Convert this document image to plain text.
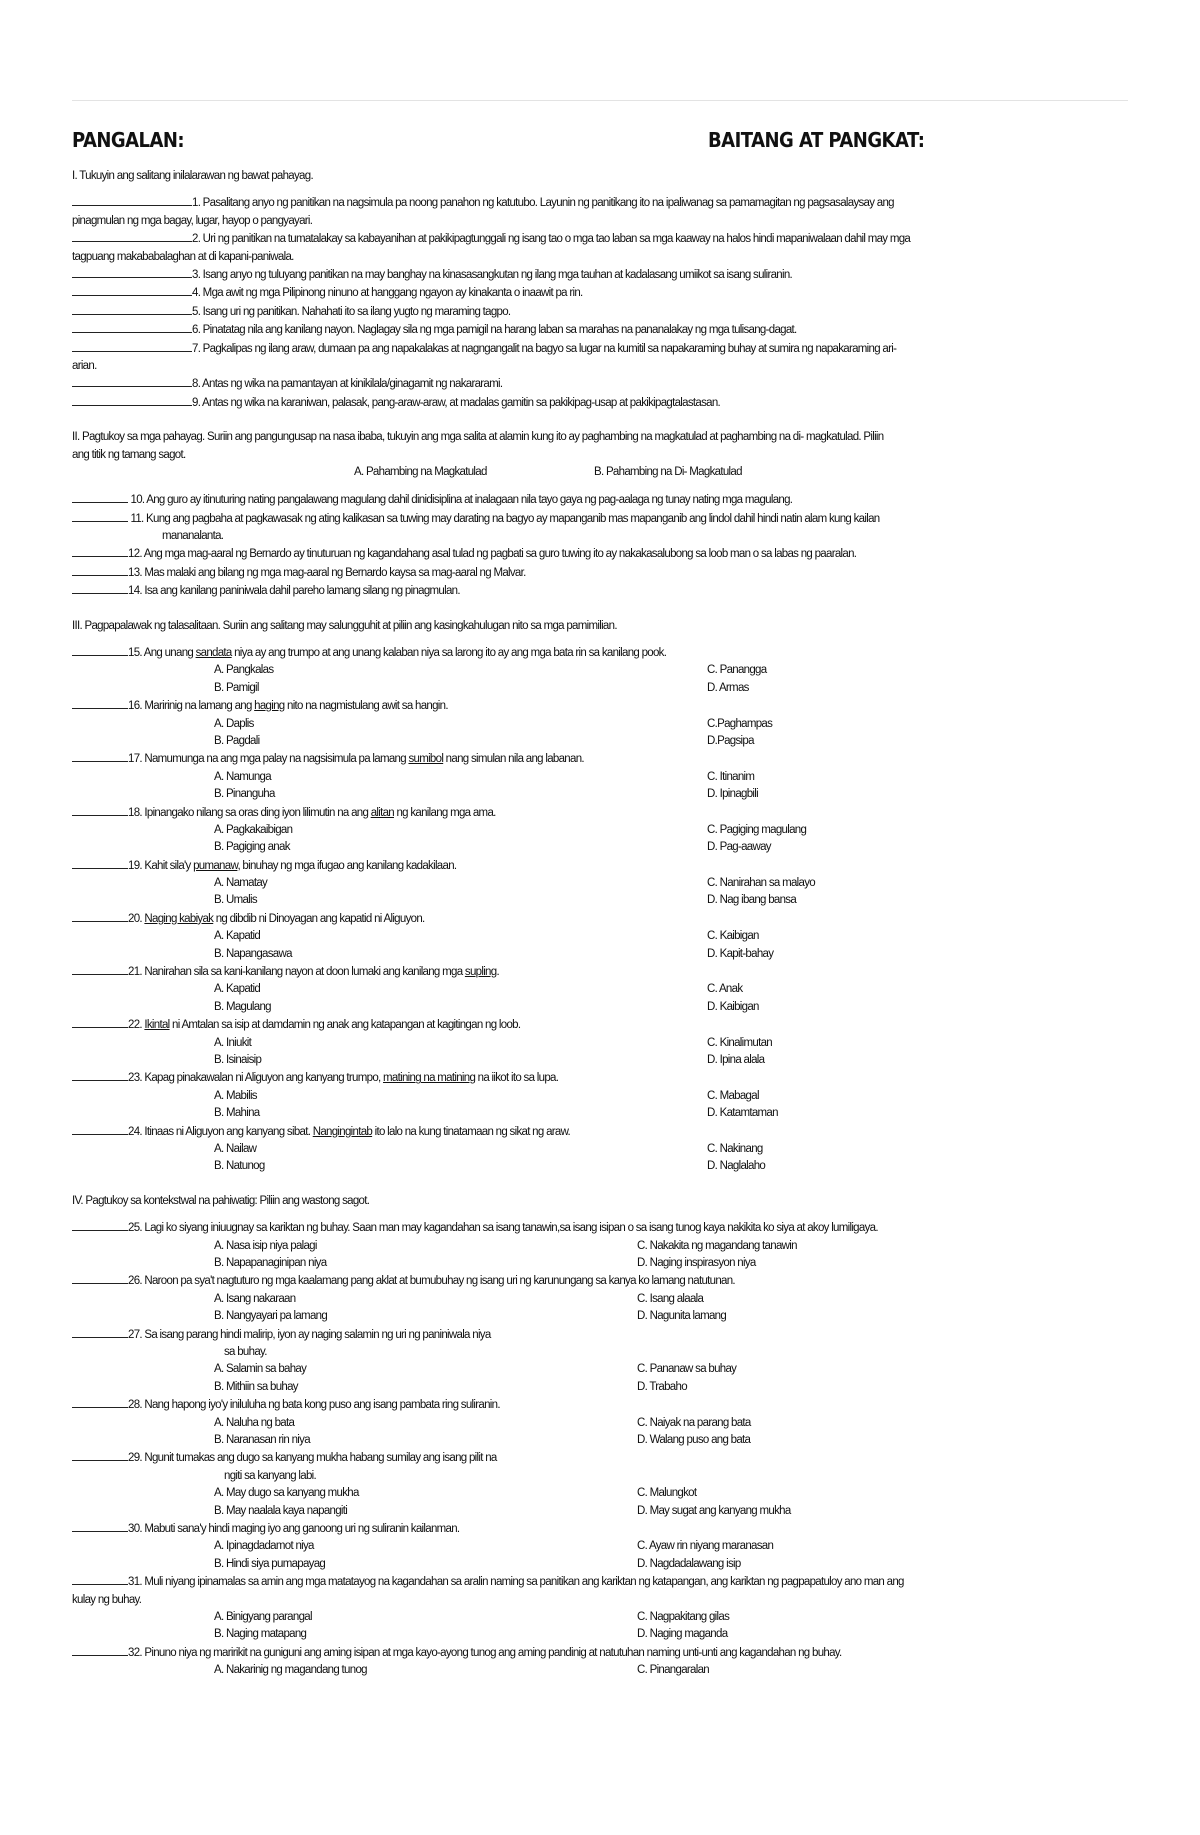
PANGALAN:	BAITANG AT PANGKAT:
I. Tukuyin ang salitang inilalarawan ng bawat pahayag.
1. Pasalitang anyo ng panitikan na nagsimula pa noong panahon ng katutubo. Layunin ng panitikang ito na ipaliwanag sa pamamagitan ng pagsasalaysay ang
pinagmulan ng mga bagay, lugar, hayop o pangyayari.
2. Uri ng panitikan na tumatalakay sa kabayanihan at pakikipagtunggali ng isang tao o mga tao laban sa mga kaaway na halos hindi mapaniwalaan dahil may mga
tagpuang makababalaghan at di kapani-paniwala.
3. Isang anyo ng tuluyang panitikan na may banghay na kinasasangkutan ng ilang mga tauhan at kadalasang umiikot sa isang suliranin.
4. Mga awit ng mga Pilipinong ninuno at hanggang ngayon ay kinakanta o inaawit pa rin.
5. Isang uri ng panitikan. Nahahati ito sa ilang yugto ng maraming tagpo.
6. Pinatatag nila ang kanilang nayon. Naglagay sila ng mga pamigil na harang laban sa marahas na pananalakay ng mga tulisang-dagat.
7. Pagkalipas ng ilang araw, dumaan pa ang napakalakas at nagngangalit na bagyo sa lugar na kumitil sa napakaraming buhay at sumira ng napakaraming ari-
arian.
8. Antas ng wika na pamantayan at kinikilala/ginagamit ng nakararami.
9. Antas ng wika na karaniwan, palasak, pang-araw-araw, at madalas gamitin sa pakikipag-usap at pakikipagtalastasan.
II. Pagtukoy sa mga pahayag. Suriin ang pangungusap na nasa ibaba, tukuyin ang mga salita at alamin kung ito ay paghambing na magkatulad at paghambing na di- magkatulad. Piliin
ang titik ng tamang sagot.
A. Pahambing na Magkatulad	B. Pahambing na Di- Magkatulad
10. Ang guro ay itinuturing nating pangalawang magulang dahil dinidisiplina at inalagaan nila tayo gaya ng pag-aalaga ng tunay nating mga magulang.
11. Kung ang pagbaha at pagkawasak ng ating kalikasan sa tuwing may darating na bagyo ay mapanganib mas mapanganib ang lindol dahil hindi natin alam kung kailan
mananalanta.
12. Ang mga mag-aaral ng Bernardo ay tinuturuan ng kagandahang asal tulad ng pagbati sa guro tuwing ito ay nakakasalubong sa loob man o sa labas ng paaralan.
13. Mas malaki ang bilang ng mga mag-aaral ng Bernardo kaysa sa mag-aaral ng Malvar.
14. Isa ang kanilang paniniwala dahil pareho lamang silang ng pinagmulan.
III. Pagpapalawak ng talasalitaan. Suriin ang salitang may salungguhit at piliin ang kasingkahulugan nito sa mga pamimilian.
15. Ang unang sandata niya ay ang trumpo at ang unang kalaban niya sa larong ito ay ang mga bata rin sa kanilang pook.
A. Pangkalas	C. Panangga
B. Pamigil	D. Armas
16. Maririnig na lamang ang haging nito na nagmistulang awit sa hangin.
A. Daplis	C.Paghampas
B. Pagdali	D.Pagsipa
17. Namumunga na ang mga palay na nagsisimula pa lamang sumibol nang simulan nila ang labanan.
A. Namunga	C. Itinanim
B. Pinanguha	D. Ipinagbili
18. Ipinangako nilang sa oras ding iyon lilimutin na ang alitan ng kanilang mga ama.
A. Pagkakaibigan	C. Pagiging magulang
B. Pagiging anak	D. Pag-aaway
19. Kahit sila'y pumanaw, binuhay ng mga ifugao ang kanilang kadakilaan.
A. Namatay	C. Nanirahan sa malayo
B. Umalis	D. Nag ibang bansa
20. Naging kabiyak ng dibdib ni Dinoyagan ang kapatid ni Aliguyon.
A. Kapatid	C. Kaibigan
B. Napangasawa	D. Kapit-bahay
21. Nanirahan sila sa kani-kanilang nayon at doon lumaki ang kanilang mga supling.
A. Kapatid	C. Anak
B. Magulang	D. Kaibigan
22. Ikintal ni Amtalan sa isip at damdamin ng anak ang katapangan at kagitingan ng loob.
A. Iniukit	C. Kinalimutan
B. Isinaisip	D. Ipina alala
23. Kapag pinakawalan ni Aliguyon ang kanyang trumpo, matining na matining na iikot ito sa lupa.
A. Mabilis	C. Mabagal
B. Mahina	D. Katamtaman
24. Itinaas ni Aliguyon ang kanyang sibat. Nangingintab ito lalo na kung tinatamaan ng sikat ng araw.
A. Nailaw	C. Nakinang
B. Natunog	D. Naglalaho
IV. Pagtukoy sa kontekstwal na pahiwatig: Piliin ang wastong sagot.
25. Lagi ko siyang iniuugnay sa kariktan ng buhay. Saan man may kagandahan sa isang tanawin,sa isang isipan o sa isang tunog kaya nakikita ko siya at akoy lumiligaya.
A. Nasa isip niya palagi	C. Nakakita ng magandang tanawin
B. Napapanaginipan niya	D. Naging inspirasyon niya
26. Naroon pa sya't nagtuturo ng mga kaalamang pang aklat at bumubuhay ng isang uri ng karunungang sa kanya ko lamang natutunan.
A. Isang nakaraan	C. Isang alaala
B. Nangyayari pa lamang	D. Nagunita lamang
27. Sa isang parang hindi malirip, iyon ay naging salamin ng uri ng paniniwala niya
sa buhay.
A. Salamin sa bahay	C. Pananaw sa buhay
B. Mithiin sa buhay	D. Trabaho
28. Nang hapong iyo'y iniluluha ng bata kong puso ang isang pambata ring suliranin.
A. Naluha ng bata	C. Naiyak na parang bata
B. Naranasan rin niya	D. Walang puso ang bata
29. Ngunit tumakas ang dugo sa kanyang mukha habang sumilay ang isang pilit na
ngiti sa kanyang labi.
A. May dugo sa kanyang mukha	C. Malungkot
B. May naalala kaya napangiti	D. May sugat ang kanyang mukha
30. Mabuti sana'y hindi maging iyo ang ganoong uri ng suliranin kailanman.
A. Ipinagdadamot niya	C. Ayaw rin niyang maranasan
B. Hindi siya pumapayag	D. Nagdadalawang isip
31. Muli niyang ipinamalas sa amin ang mga matatayog na kagandahan sa aralin naming sa panitikan ang kariktan ng katapangan, ang kariktan ng pagpapatuloy ano man ang
kulay ng buhay.
A. Binigyang parangal	C. Nagpakitang gilas
B. Naging matapang	D. Naging maganda
32. Pinuno niya ng maririkit na guniguni ang aming isipan at mga kayo-ayong tunog ang aming pandinig at natutuhan naming unti-unti ang kagandahan ng buhay.
A. Nakarinig ng magandang tunog	C. Pinangaralan
